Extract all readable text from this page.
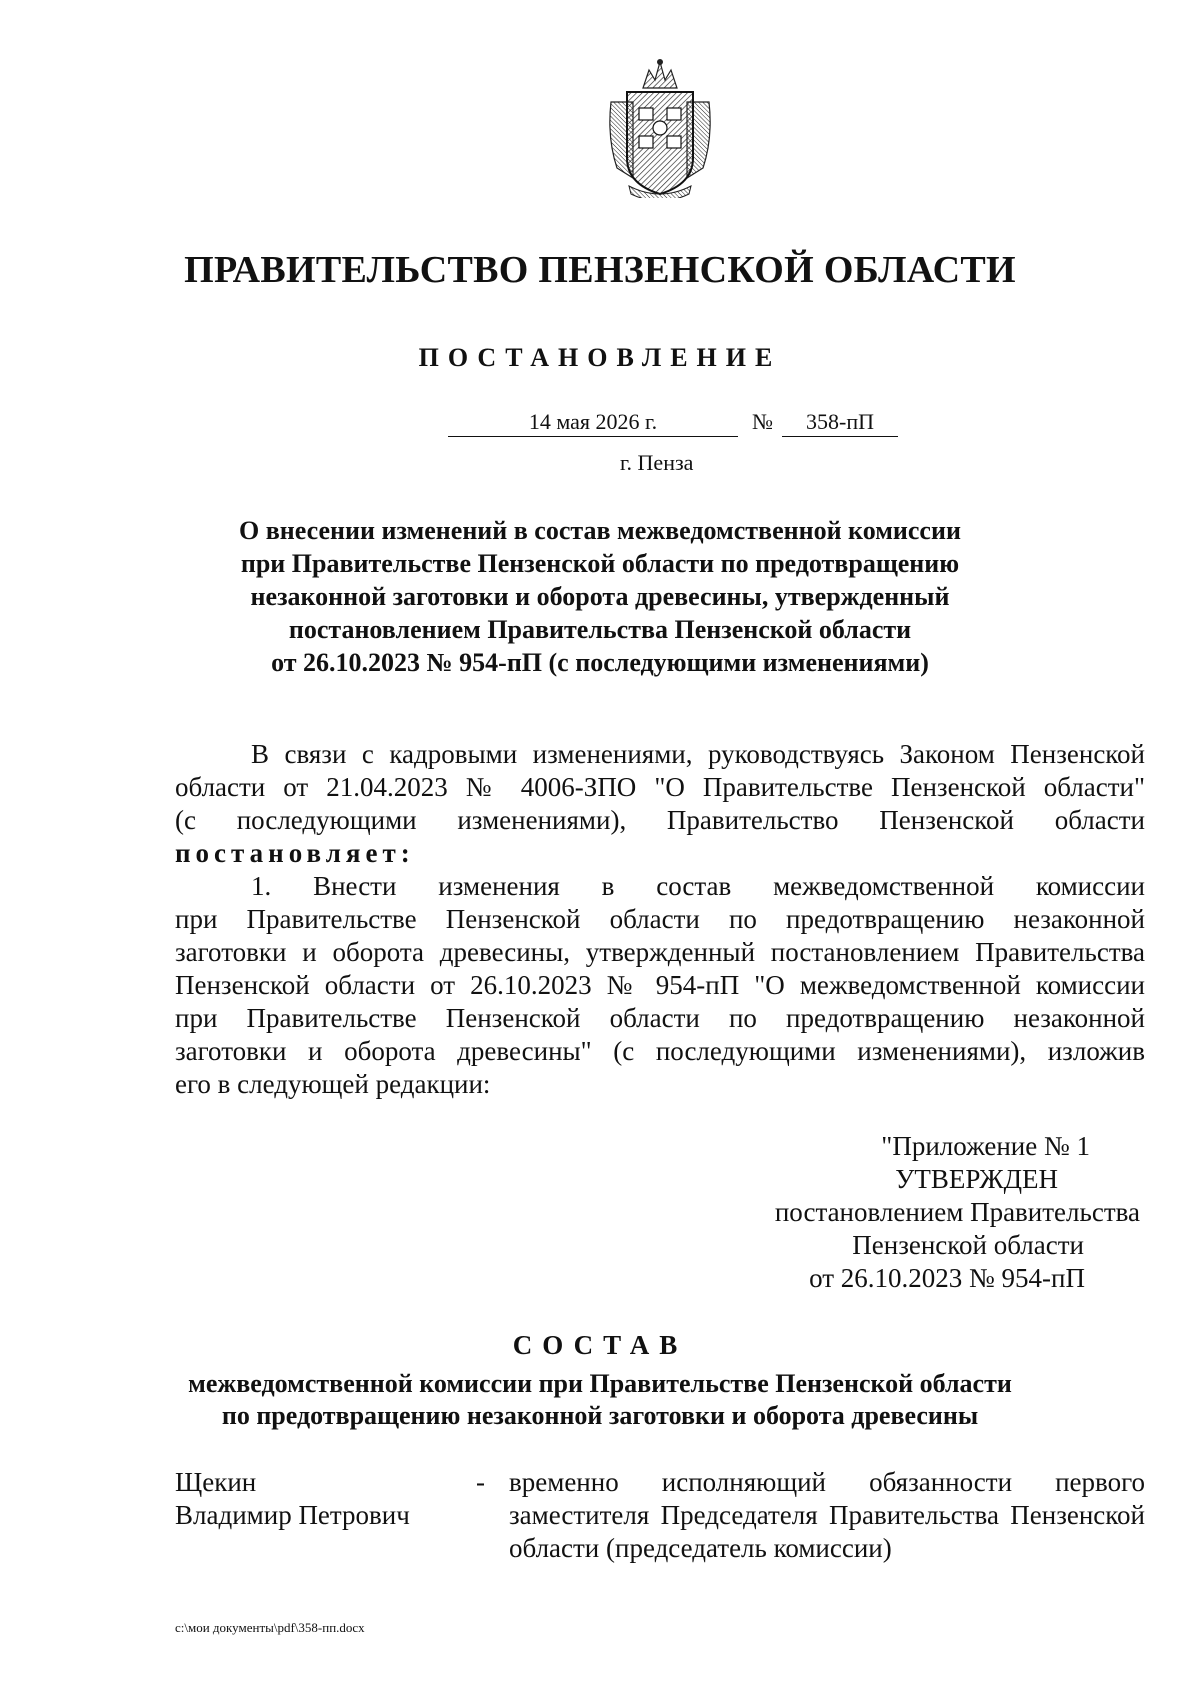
ПРАВИТЕЛЬСТВО ПЕНЗЕНСКОЙ ОБЛАСТИ
ПОСТАНОВЛЕНИЕ
14 мая 2026 г.	№	358-пП
г. Пенза
О внесении изменений в состав межведомственной комиссии
при Правительстве Пензенской области по предотвращению
незаконной заготовки и оборота древесины, утвержденный
постановлением Правительства Пензенской области
от 26.10.2023 № 954-пП (с последующими изменениями)
В связи с кадровыми изменениями, руководствуясь Законом Пензенской
области от 21.04.2023 № 4006-ЗПО "О Правительстве Пензенской области"
(с последующими изменениями), Правительство Пензенской области
постановляет:
1. Внести изменения в состав межведомственной комиссии
при Правительстве Пензенской области по предотвращению незаконной
заготовки и оборота древесины, утвержденный постановлением Правительства
Пензенской области от 26.10.2023 № 954-пП "О межведомственной комиссии
при Правительстве Пензенской области по предотвращению незаконной
заготовки и оборота древесины" (с последующими изменениями), изложив
его в следующей редакции:
"Приложение № 1
УТВЕРЖДЕН
постановлением Правительства
Пензенской области
от 26.10.2023 № 954-пП
СОСТАВ
межведомственной комиссии при Правительстве Пензенской области
по предотвращению незаконной заготовки и оборота древесины
Щекин
Владимир Петрович
- временно исполняющий обязанности первого
заместителя Председателя Правительства Пензенской
области (председатель комиссии)
c:\мои документы\pdf\358-пп.docx
